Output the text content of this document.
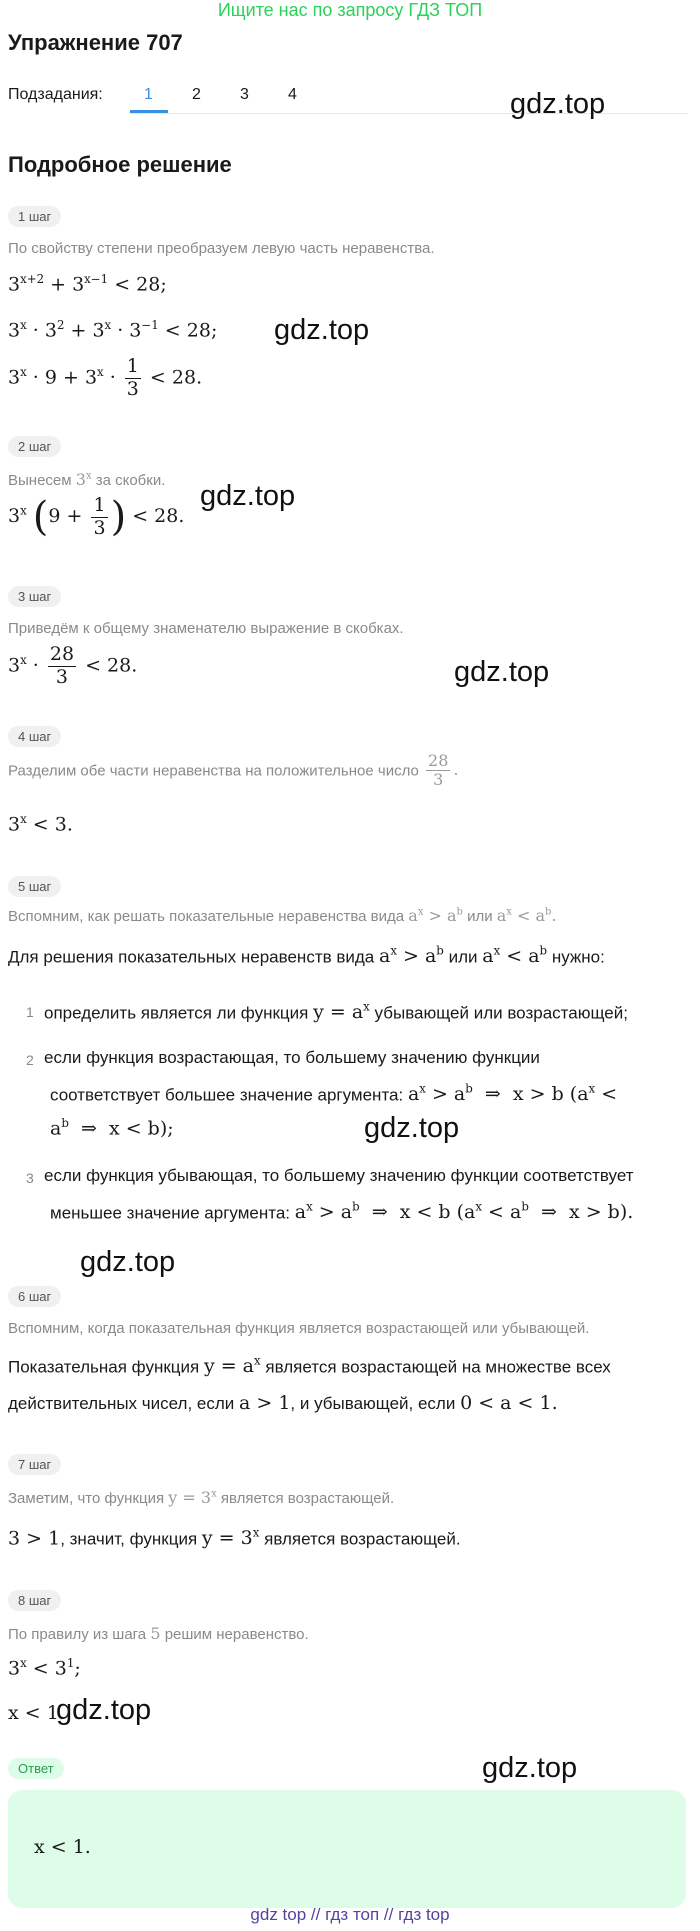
Ищите нас по запросу ГДЗ ТОП
Упражнение 707
Подзадания:	1 2 3 4
Подробное решение
gdz.top
gdz.top
gdz.top
gdz.top
gdz.top
gdz.top
gdz.top
gdz.top
1 шаг
По свойству степени преобразуем левую часть неравенства.
$3^{x+2} + 3^{x-1} < 28$;
$3^x \cdot 3^2 + 3^x \cdot 3^{-1} < 28$;
$3^x \cdot 9 + 3^x \cdot \frac{1}{3} < 28$.
2 шаг
Вынесем 3$^x$ за скобки.
3$^x$ ($9 + \frac{1}{3}$ ) < 28.
3 шаг
Приведём к общему знаменателю выражение в скобках.
$3^x \cdot \frac{28}{3} < 28$.
4 шаг
Разделим обе части неравенства на положительное число $\frac{28}{3}$ .
$3^x < 3$.
5 шаг
Вспомним, как решать показательные неравенства вида $a^x > a^b$ или $a^x < a^b$.
Для решения показательных неравенств вида $a^x > a^b$ или $a^x < a^b$ нужно:
1 определить является ли функция $y = a^x$ убывающей или возрастающей;
2 если функция возрастающая, то большему значению функции
соответствует большее значение аргумента: $a^x > a^b$  ⇒  x > b ($a^x$ <
$a^b$  ⇒  x < b);
3 если функция убывающая, то большему значению функции соответствует
меньшее значение аргумента: $a^x > a^b$  ⇒  x < b ($a^x < a^b$  ⇒  x > b).
6 шаг
Вспомним, когда показательная функция является возрастающей или убывающей.
Показательная функция $y = a^x$ является возрастающей на множестве всех
действительных чисел, если a > 1, и убывающей, если 0 < a < 1.
7 шаг
Заметим, что функция $y = 3^x$ является возрастающей.
3 > 1, значит, функция $y = 3^x$ является возрастающей.
8 шаг
По правилу из шага 5 решим неравенство.
$3^x < 3^1$;
x < 1.
Ответ
x < 1.
gdz top // гдз топ // гдз top
